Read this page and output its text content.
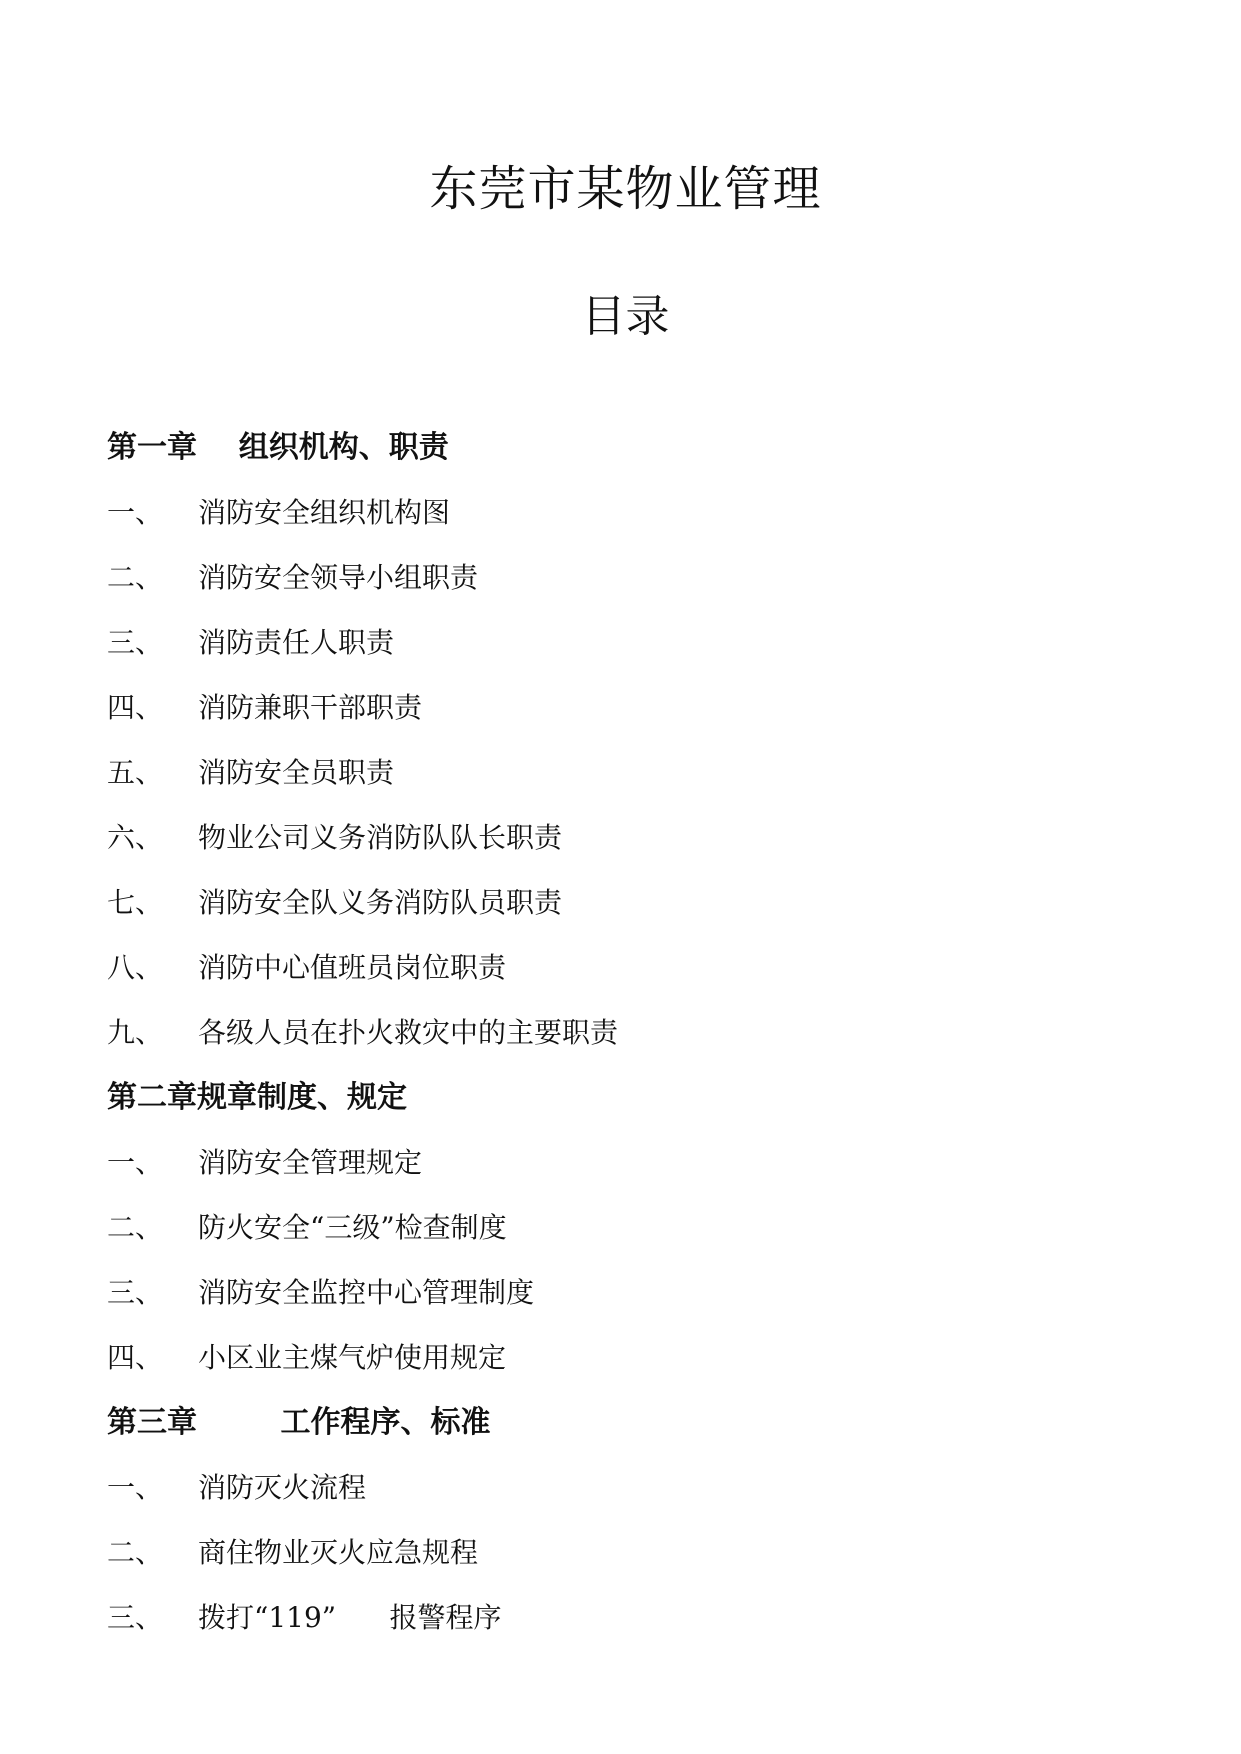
东莞市某物业管理
目录
第一章    组织机构、职责
一、 消防安全组织机构图
二、 消防安全领导小组职责
三、 消防责任人职责
四、 消防兼职干部职责
五、 消防安全员职责
六、 物业公司义务消防队队长职责
七、 消防安全队义务消防队员职责
八、 消防中心值班员岗位职责
九、 各级人员在扑火救灾中的主要职责
第二章规章制度、规定
一、 消防安全管理规定
二、 防火安全“三级”检查制度
三、 消防安全监控中心管理制度
四、 小区业主煤气炉使用规定
第三章        工作程序、标准
一、 消防灭火流程
二、 商住物业灭火应急规程
三、 拨打“119”      报警程序
